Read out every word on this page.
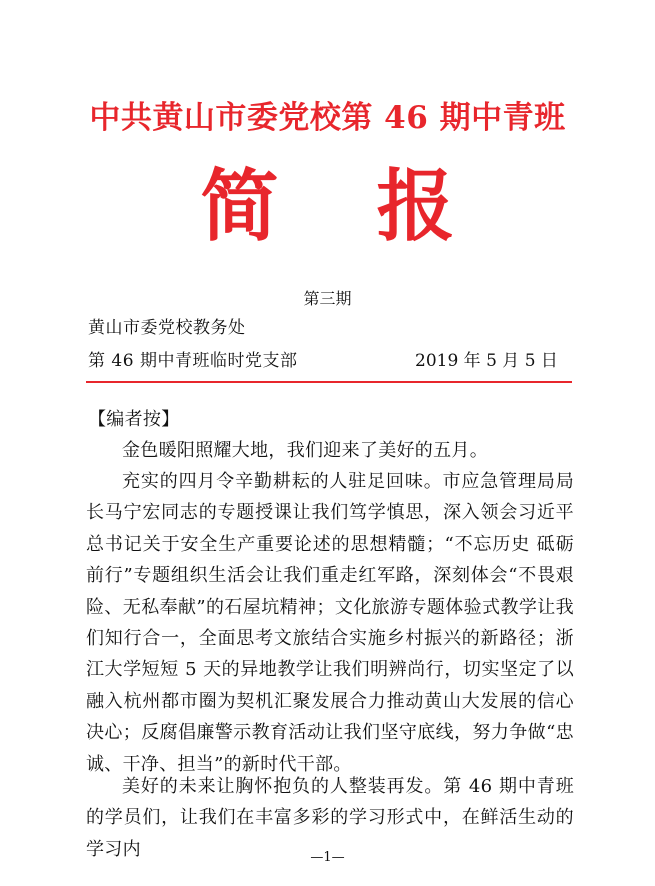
中共黄山市委党校第 46 期中青班
简报
第三期
黄山市委党校教务处
第 46 期中青班临时党支部	2019 年 5 月 5 日

【编者按】

金色暖阳照耀大地，我们迎来了美好的五月。

充实的四月令辛勤耕耘的人驻足回味。市应急管理局局长马宁宏同志的专题授课让我们笃学慎思，深入领会习近平总书记关于安全生产重要论述的思想精髓；“不忘历史 砥砺前行”专题组织生活会让我们重走红军路，深刻体会“不畏艰险、无私奉献”的石屋坑精神；文化旅游专题体验式教学让我们知行合一，全面思考文旅结合实施乡村振兴的新路径；浙江大学短短 5 天的异地教学让我们明辨尚行，切实坚定了以融入杭州都市圈为契机汇聚发展合力推动黄山大发展的信心决心；反腐倡廉警示教育活动让我们坚守底线，努力争做“忠诚、干净、担当”的新时代干部。

美好的未来让胸怀抱负的人整装再发。第 46 期中青班的学员们，让我们在丰富多彩的学习形式中，在鲜活生动的学习内	—1—
